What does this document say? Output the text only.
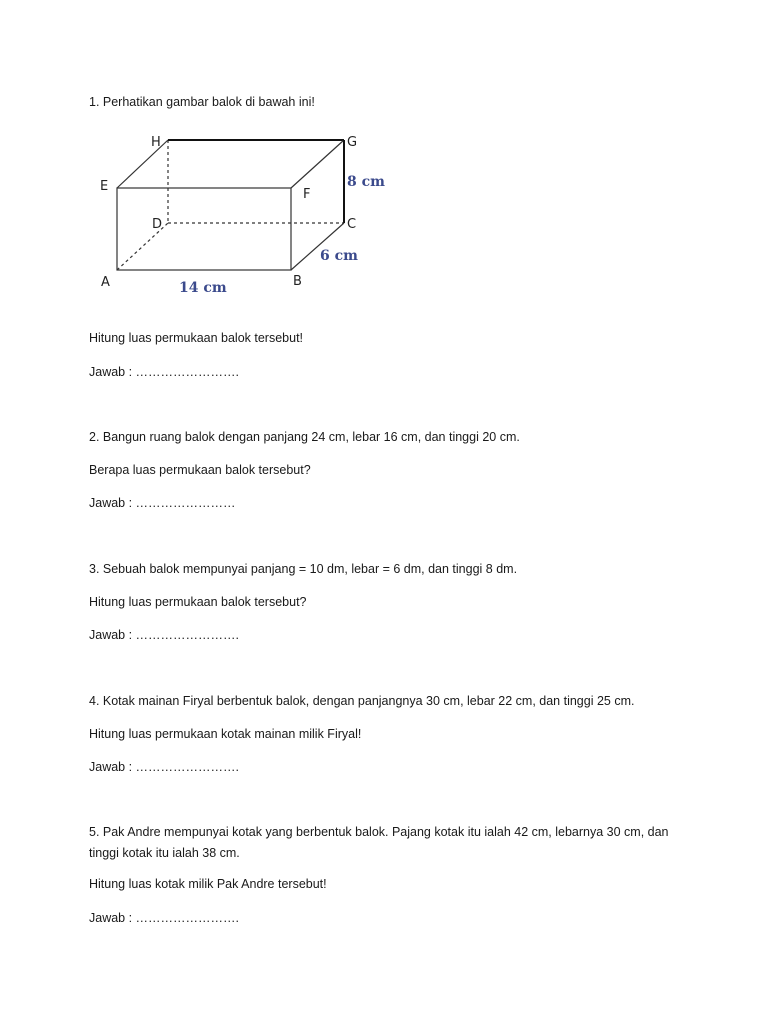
1. Perhatikan gambar balok di bawah ini!
H	G
E
F
D	C
A	B
8 cm
6 cm
14 cm
Hitung luas permukaan balok tersebut!
Jawab : …………………….
2. Bangun ruang balok dengan panjang 24 cm, lebar 16 cm, dan tinggi 20 cm.
Berapa luas permukaan balok tersebut?
Jawab : ……………………
3. Sebuah balok mempunyai panjang = 10 dm, lebar = 6 dm, dan tinggi 8 dm.
Hitung luas permukaan balok tersebut?
Jawab : …………………….
4. Kotak mainan Firyal berbentuk balok, dengan panjangnya 30 cm, lebar 22 cm, dan tinggi 25 cm.
Hitung luas permukaan kotak mainan milik Firyal!
Jawab : …………………….
5. Pak Andre mempunyai kotak yang berbentuk balok. Pajang kotak itu ialah 42 cm, lebarnya 30 cm, dan tinggi kotak itu ialah 38 cm.
Hitung luas kotak milik Pak Andre tersebut!
Jawab : …………………….
